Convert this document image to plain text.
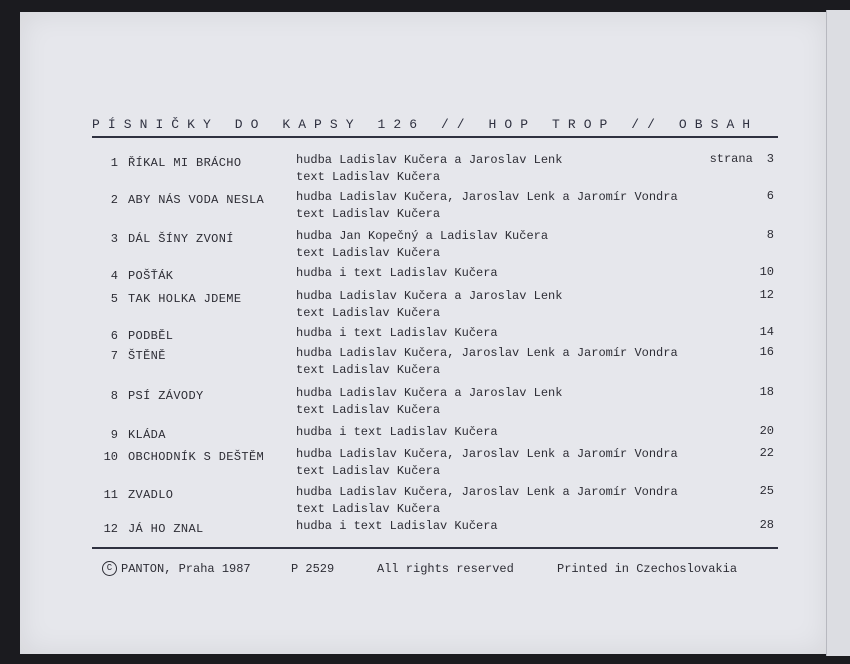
PÍSNIČKY DO KAPSY 126 // HOP TROP // OBSAH
1 ŘÍKAL MI BRÁCHO	hudba Ladislav Kučera a Jaroslav Lenk
text Ladislav Kučera
strana 3
2 ABY NÁS VODA NESLA	hudba Ladislav Kučera, Jaroslav Lenk a Jaromír Vondra
text Ladislav Kučera
6
3 DÁL ŠÍNY ZVONÍ	hudba Jan Kopečný a Ladislav Kučera
text Ladislav Kučera
8
4 POŠŤÁK	hudba i text Ladislav Kučera	10
5 TAK HOLKA JDEME	hudba Ladislav Kučera a Jaroslav Lenk
text Ladislav Kučera
12
6 PODBĚL	hudba i text Ladislav Kučera	14
7 ŠTĚNĚ	hudba Ladislav Kučera, Jaroslav Lenk a Jaromír Vondra
text Ladislav Kučera
16
8 PSÍ ZÁVODY	hudba Ladislav Kučera a Jaroslav Lenk
text Ladislav Kučera
18
9 KLÁDA	hudba i text Ladislav Kučera	20
10 OBCHODNÍK S DEŠTĚM	hudba Ladislav Kučera, Jaroslav Lenk a Jaromír Vondra
text Ladislav Kučera
22
11 ZVADLO	hudba Ladislav Kučera, Jaroslav Lenk a Jaromír Vondra
text Ladislav Kučera
25
12 JÁ HO ZNAL	hudba i text Ladislav Kučera	28
C PANTON, Praha 1987	P 2529	All rights reserved	Printed in Czechoslovakia
